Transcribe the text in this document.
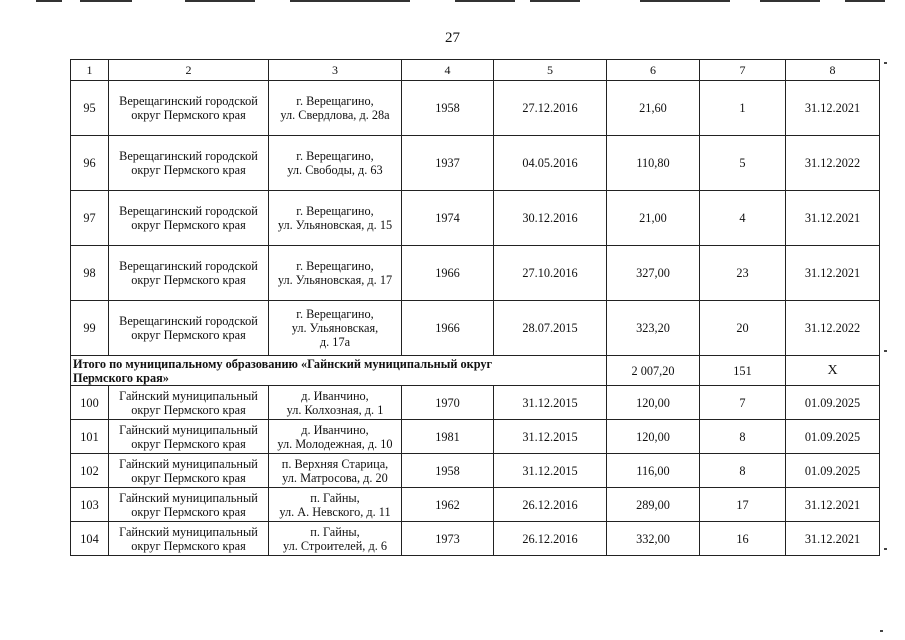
27
1	2	3	4	5	6	7	8
95	Верещагинский городской
округ Пермского края	г. Верещагино,
ул. Свердлова, д. 28а	1958	27.12.2016	21,60	1	31.12.2021
96	Верещагинский городской
округ Пермского края	г. Верещагино,
ул. Свободы, д. 63	1937	04.05.2016	110,80	5	31.12.2022
97	Верещагинский городской
округ Пермского края	г. Верещагино,
ул. Ульяновская, д. 15	1974	30.12.2016	21,00	4	31.12.2021
98	Верещагинский городской
округ Пермского края	г. Верещагино,
ул. Ульяновская, д. 17	1966	27.10.2016	327,00	23	31.12.2021
99	Верещагинский городской
округ Пермского края	г. Верещагино,
ул. Ульяновская,
д. 17а	1966	28.07.2015	323,20	20	31.12.2022
Итого по муниципальному образованию «Гайнский муниципальный округ
Пермского края»					2 007,20	151	Х
100	Гайнский муниципальный
округ Пермского края	д. Иванчино,
ул. Колхозная, д. 1	1970	31.12.2015	120,00	7	01.09.2025
101	Гайнский муниципальный
округ Пермского края	д. Иванчино,
ул. Молодежная, д. 10	1981	31.12.2015	120,00	8	01.09.2025
102	Гайнский муниципальный
округ Пермского края	п. Верхняя Старица,
ул. Матросова, д. 20	1958	31.12.2015	116,00	8	01.09.2025
103	Гайнский муниципальный
округ Пермского края	п. Гайны,
ул. А. Невского, д. 11	1962	26.12.2016	289,00	17	31.12.2021
104	Гайнский муниципальный
округ Пермского края	п. Гайны,
ул. Строителей, д. 6	1973	26.12.2016	332,00	16	31.12.2021
